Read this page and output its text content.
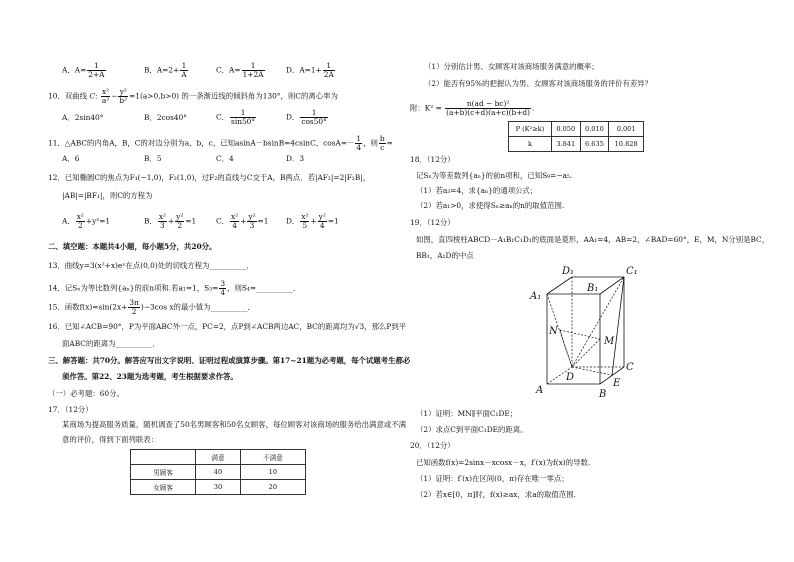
A．$A= \frac{1}{2+A}$	B．$A=2+ \frac{1}{A}$	C．$A= \frac{1}{1+2A}$	D．$A=1+ \frac{1}{2A}$
10．双曲线 C: $\frac{\text{x²}}{\text{a²}} - \frac{\text{y²}}{\text{b²}} =1(a>0,b>0)$ 的一条渐近线的倾斜角为130°，则C的离心率为
A．2sin40°	B．2cos40°	C． $\frac{1}{\sin 50^\circ}$	D． $\frac{1}{\cos 50^\circ}$
11．△ABC的内角A，B，C的对边分别为a，b，c，已知asinA－bsinB=4csinC，$\cos A=- \frac{1}{4}$ ，则 $\frac{b}{c}$ =
A．6	B．5	C．4	D．3
12．已知椭圆C的焦点为F₁(−1,0)，F₂(1,0)，过F₂的直线与C交于A，B两点．若|AF₂|=2|F₂B|，
|AB|=|BF₁|，则C的方程为
A． $\frac{\text{x²}}{2} +y^2=1$	B． $\frac{\text{x²}}{3} + \frac{\text{y²}}{2} =1$	C． $\frac{\text{x²}}{4} + \frac{\text{y²}}{3} =1$ D． $\frac{\text{x²}}{5} + \frac{\text{y²}}{4} =1$
二、填空题：本题共4小题，每小题5分，共20分。
13．曲线y=3(x²+x)eˣ在点(0,0)处的切线方程为__________．
14．记Sₙ为等比数列{aₙ}的前n项和.若a₁=1，$S_3= \frac{3}{4}$ ，则S₄=__________．
15．函数$f(x)=\sin(2x+ \frac{3\pi}{2} )-3\cos$ x的最小值为__________．
16．已知∠ACB=90°，P为平面ABC外一点，PC=2，点P到∠ACB两边AC，BC的距离均为√3，那么P到平
面ABC的距离为__________．
三、解答题：共70分。解答应写出文字说明、证明过程或演算步骤。第17~21题为必考题，每个试题考生都必
须作答。第22、23题为选考题，考生根据要求作答。
（一）必考题：60分。
17．（12分）
某商场为提高服务质量，随机调查了50名男顾客和50名女顾客，每位顾客对该商场的服务给出满意或不满
意的评价，得到下面列联表：
	满意	不满意
男顾客	40	10
女顾客	30	20
（1）分别估计男、女顾客对该商场服务满意的概率；
（2）能否有95%的把握认为男、女顾客对该商场服务的评价有差异？
附：$K^2 = \frac{\text{n(ad − bc)²}}{(a+b)(c+d)(a+c)(b+d)}$ .
P (K²≥k)	0.050	0.010	0.001
k	3.841	6.635	10.828
18．（12分）
记Sₙ为等差数列{aₙ}的前n项和，已知S₉=−a₅.
（1）若a₃=4，求{aₙ}的通项公式；
（2）若a₁>0，求使得Sₙ≥aₙ的n的取值范围.
19．（12分）
如图，直四棱柱ABCD－A₁B₁C₁D₁的底面是菱形，AA₁=4，AB=2，∠BAD=60°，E，M，N分别是BC，
BB₁，A₁D的中点
D₁	C₁
A₁
B₁
N
M
D
C
A	B
E
（1）证明：MN∥平面C₁DE；
（2）求点C到平面C₁DE的距离。
20．（12分）
已知函数f(x)=2sinx－xcosx－x，f′(x)为f(x)的导数.
（1）证明：f′(x)在区间(0，π)存在唯一零点；
（2）若x∈[0，π]时，f(x)≥ax，求a的取值范围.
